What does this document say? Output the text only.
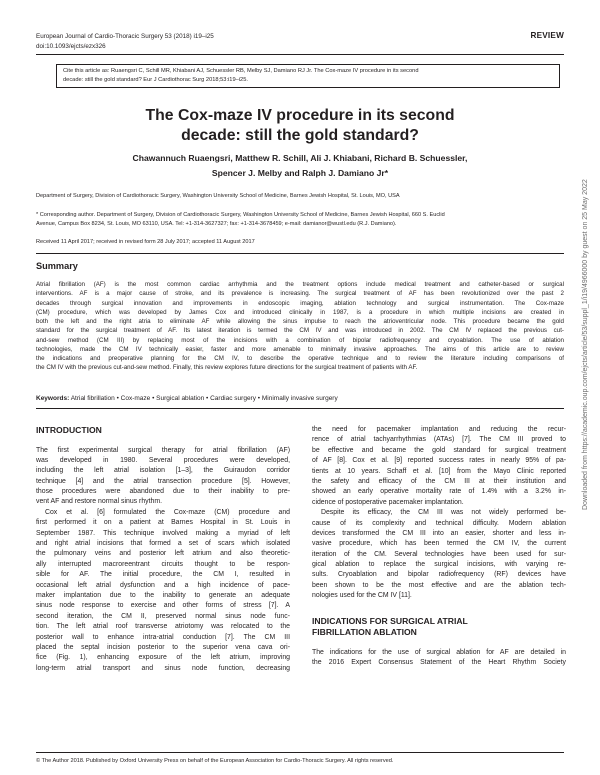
European Journal of Cardio-Thoracic Surgery 53 (2018) i19–i25
doi:10.1093/ejcts/ezx326
REVIEW
Cite this article as: Ruaengsri C, Schill MR, Khiabani AJ, Schuessler RB, Melby SJ, Damiano RJ Jr. The Cox-maze IV procedure in its second
decade: still the gold standard? Eur J Cardiothorac Surg 2018;53:i19–i25.
The Cox-maze IV procedure in its second
decade: still the gold standard?
Chawannuch Ruaengsri, Matthew R. Schill, Ali J. Khiabani, Richard B. Schuessler,
Spencer J. Melby and Ralph J. Damiano Jr*
Department of Surgery, Division of Cardiothoracic Surgery, Washington University School of Medicine, Barnes Jewish Hospital, St. Louis, MO, USA
* Corresponding author. Department of Surgery, Division of Cardiothoracic Surgery, Washington University School of Medicine, Barnes Jewish Hospital, 660 S. Euclid
Avenue, Campus Box 8234, St. Louis, MO 63110, USA. Tel: +1-314-3627327; fax: +1-314-3678459; e-mail: damianor@wustl.edu (R.J. Damiano).
Received 11 April 2017; received in revised form 28 July 2017; accepted 11 August 2017
Summary
Atrial fibrillation (AF) is the most common cardiac arrhythmia and the treatment options include medical treatment and catheter-based or surgical
interventions. AF is a major cause of stroke, and its prevalence is increasing. The surgical treatment of AF has been revolutionized over the past 2
decades through surgical innovation and improvements in endoscopic imaging, ablation technology and surgical instrumentation. The Cox-maze
(CM) procedure, which was developed by James Cox and introduced clinically in 1987, is a procedure in which multiple incisions are created in
both the left and the right atria to eliminate AF while allowing the sinus impulse to reach the atrioventricular node. This procedure became the gold
standard for the surgical treatment of AF. Its latest iteration is termed the CM IV and was introduced in 2002. The CM IV replaced the previous cut-
and-sew method (CM III) by replacing most of the incisions with a combination of bipolar radiofrequency and cryoablation. The use of ablation
technologies, made the CM IV technically easier, faster and more amenable to minimally invasive approaches. The aims of this article are to review
the indications and preoperative planning for the CM IV, to describe the operative technique and to review the literature including comparisons of
the CM IV with the previous cut-and-sew method. Finally, this review explores future directions for the surgical treatment of patients with AF.
Keywords: Atrial fibrillation • Cox-maze • Surgical ablation • Cardiac surgery • Minimally invasive surgery
INTRODUCTION
The first experimental surgical therapy for atrial fibrillation (AF)
was developed in 1980. Several procedures were developed,
including the left atrial isolation [1–3], the Guiraudon corridor
technique [4] and the atrial transection procedure [5]. However,
those procedures were abandoned due to their inability to pre-
vent AF and restore normal sinus rhythm.
Cox et al. [6] formulated the Cox-maze (CM) procedure and
first performed it on a patient at Barnes Hospital in St. Louis in
September 1987. This technique involved making a myriad of left
and right atrial incisions that formed a set of scars which isolated
the pulmonary veins and posterior left atrium and also theoretic-
ally interrupted macroreentrant circuits thought to be respon-
sible for AF. The initial procedure, the CM I, resulted in
occasional left atrial dysfunction and a high incidence of pace-
maker implantation due to the inability to generate an adequate
sinus node response to exercise and other forms of stress [7]. A
second iteration, the CM II, preserved normal sinus node func-
tion. The left atrial roof transverse atriotomy was relocated to the
posterior wall to enhance intra-atrial conduction [7]. The CM III
placed the septal incision posterior to the superior vena cava ori-
fice (Fig. 1), enhancing exposure of the left atrium, improving
long-term atrial transport and sinus node function, decreasing
the need for pacemaker implantation and reducing the recur-
rence of atrial tachyarrhythmias (ATAs) [7]. The CM III proved to
be effective and became the gold standard for surgical treatment
of AF [8]. Cox et al. [9] reported success rates in nearly 95% of pa-
tients at 10 years. Schaff et al. [10] from the Mayo Clinic reported
the safety and efficacy of the CM III at their institution and
showed an early operative mortality rate of 1.4% with a 3.2% in-
cidence of postoperative pacemaker implantation.
Despite its efficacy, the CM III was not widely performed be-
cause of its complexity and technical difficulty. Modern ablation
devices transformed the CM III into an easier, shorter and less in-
vasive procedure, which has been termed the CM IV, the current
iteration of the CM. Several technologies have been used for sur-
gical ablation to replace the surgical incisions, with varying re-
sults. Cryoablation and bipolar radiofrequency (RF) devices have
been shown to be the most effective and are the ablation tech-
nologies used for the CM IV [11].
INDICATIONS FOR SURGICAL ATRIAL
FIBRILLATION ABLATION
The indications for the use of surgical ablation for AF are detailed in
the 2016 Expert Consensus Statement of the Heart Rhythm Society
Downloaded from https://academic.oup.com/ejcts/article/53/suppl_1/i19/4966000 by guest on 25 May 2022
© The Author 2018. Published by Oxford University Press on behalf of the European Association for Cardio-Thoracic Surgery. All rights reserved.
